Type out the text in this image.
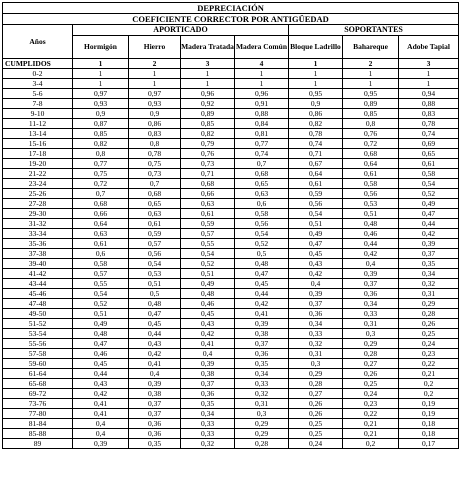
DEPRECIACIÓN							
COEFICIENTE CORRECTOR POR ANTIGÜEDAD							
Años	APORTICADO				SOPORTANTES		
	Hormigón	Hierro	Madera Tratada	Madera Común	Bloque Ladrillo	Bahareque	Adobe Tapial
CUMPLIDOS	1	2	3	4	1	2	3
0-2	1	1	1	1	1	1	1
3-4	1	1	1	1	1	1	1
5-6	0,97	0,97	0,96	0,96	0,95	0,95	0,94
7-8	0,93	0,93	0,92	0,91	0,9	0,89	0,88
9-10	0,9	0,9	0,89	0,88	0,86	0,85	0,83
11-12	0,87	0,86	0,85	0,84	0,82	0,8	0,78
13-14	0,85	0,83	0,82	0,81	0,78	0,76	0,74
15-16	0,82	0,8	0,79	0,77	0,74	0,72	0,69
17-18	0,8	0,78	0,76	0,74	0,71	0,68	0,65
19-20	0,77	0,75	0,73	0,7	0,67	0,64	0,61
21-22	0,75	0,73	0,71	0,68	0,64	0,61	0,58
23-24	0,72	0,7	0,68	0,65	0,61	0,58	0,54
25-26	0,7	0,68	0,66	0,63	0,59	0,56	0,52
27-28	0,68	0,65	0,63	0,6	0,56	0,53	0,49
29-30	0,66	0,63	0,61	0,58	0,54	0,51	0,47
31-32	0,64	0,61	0,59	0,56	0,51	0,48	0,44
33-34	0,63	0,59	0,57	0,54	0,49	0,46	0,42
35-36	0,61	0,57	0,55	0,52	0,47	0,44	0,39
37-38	0,6	0,56	0,54	0,5	0,45	0,42	0,37
39-40	0,58	0,54	0,52	0,48	0,43	0,4	0,35
41-42	0,57	0,53	0,51	0,47	0,42	0,39	0,34
43-44	0,55	0,51	0,49	0,45	0,4	0,37	0,32
45-46	0,54	0,5	0,48	0,44	0,39	0,36	0,31
47-48	0,52	0,48	0,46	0,42	0,37	0,34	0,29
49-50	0,51	0,47	0,45	0,41	0,36	0,33	0,28
51-52	0,49	0,45	0,43	0,39	0,34	0,31	0,26
53-54	0,48	0,44	0,42	0,38	0,33	0,3	0,25
55-56	0,47	0,43	0,41	0,37	0,32	0,29	0,24
57-58	0,46	0,42	0,4	0,36	0,31	0,28	0,23
59-60	0,45	0,41	0,39	0,35	0,3	0,27	0,22
61-64	0,44	0,4	0,38	0,34	0,29	0,26	0,21
65-68	0,43	0,39	0,37	0,33	0,28	0,25	0,2
69-72	0,42	0,38	0,36	0,32	0,27	0,24	0,2
73-76	0,41	0,37	0,35	0,31	0,26	0,23	0,19
77-80	0,41	0,37	0,34	0,3	0,26	0,22	0,19
81-84	0,4	0,36	0,33	0,29	0,25	0,21	0,18
85-88	0,4	0,36	0,33	0,29	0,25	0,21	0,18
89	0,39	0,35	0,32	0,28	0,24	0,2	0,17
